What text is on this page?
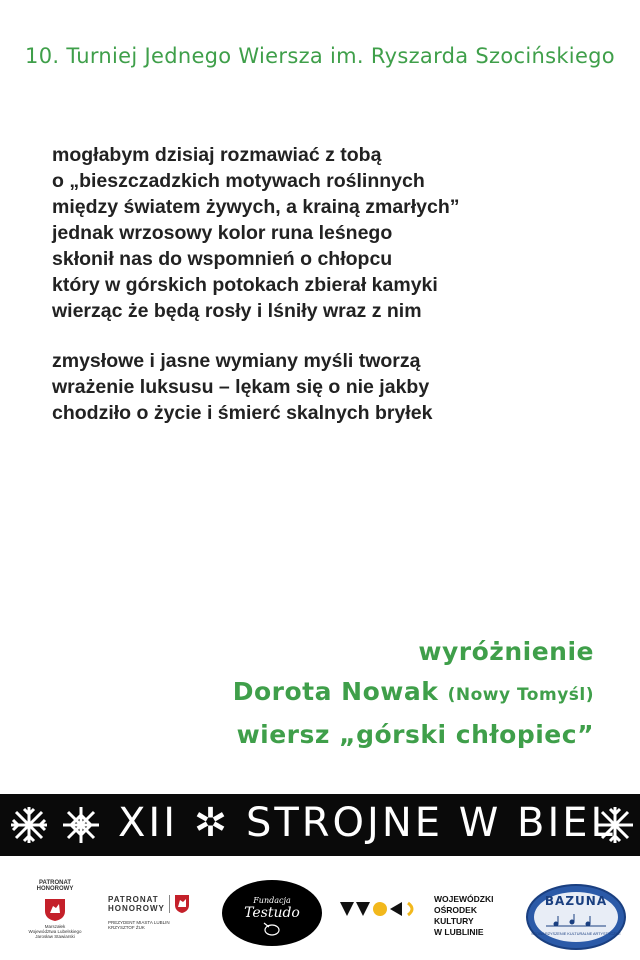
10. Turniej Jednego Wiersza im. Ryszarda Szocińskiego
mogłabym dzisiaj rozmawiać z tobą
o „bieszczadzkich motywach roślinnych
między światem żywych, a krainą zmarłych”
jednak wrzosowy kolor runa leśnego
skłonił nas do wspomnień o chłopcu
który w górskich potokach zbierał kamyki
wierząc że będą rosły i lśniły wraz z nim
zmysłowe i jasne wymiany myśli tworzą
wrażenie luksusu – lękam się o nie jakby
chodziło o życie i śmierć skalnych bryłek
wyróżnienie
Dorota Nowak (Nowy Tomyśl)
wiersz „górski chłopiec”
XII ✲ STROJNE W BIEL
PATRONAT
HONOROWY
Marszałek
Województwa Lubelskiego
Jarosław Stawiarski
PATRONAT
HONOROWY
PREZYDENT MIASTA LUBLIN
KRZYSZTOF ŻUK
Fundacja
Testudo
WOJEWÓDZKI
OŚRODEK
KULTURY
W LUBLINIE
BAZUNA
STOWARZYSZENIE KULTURALNE ARTYSTYCZNE
